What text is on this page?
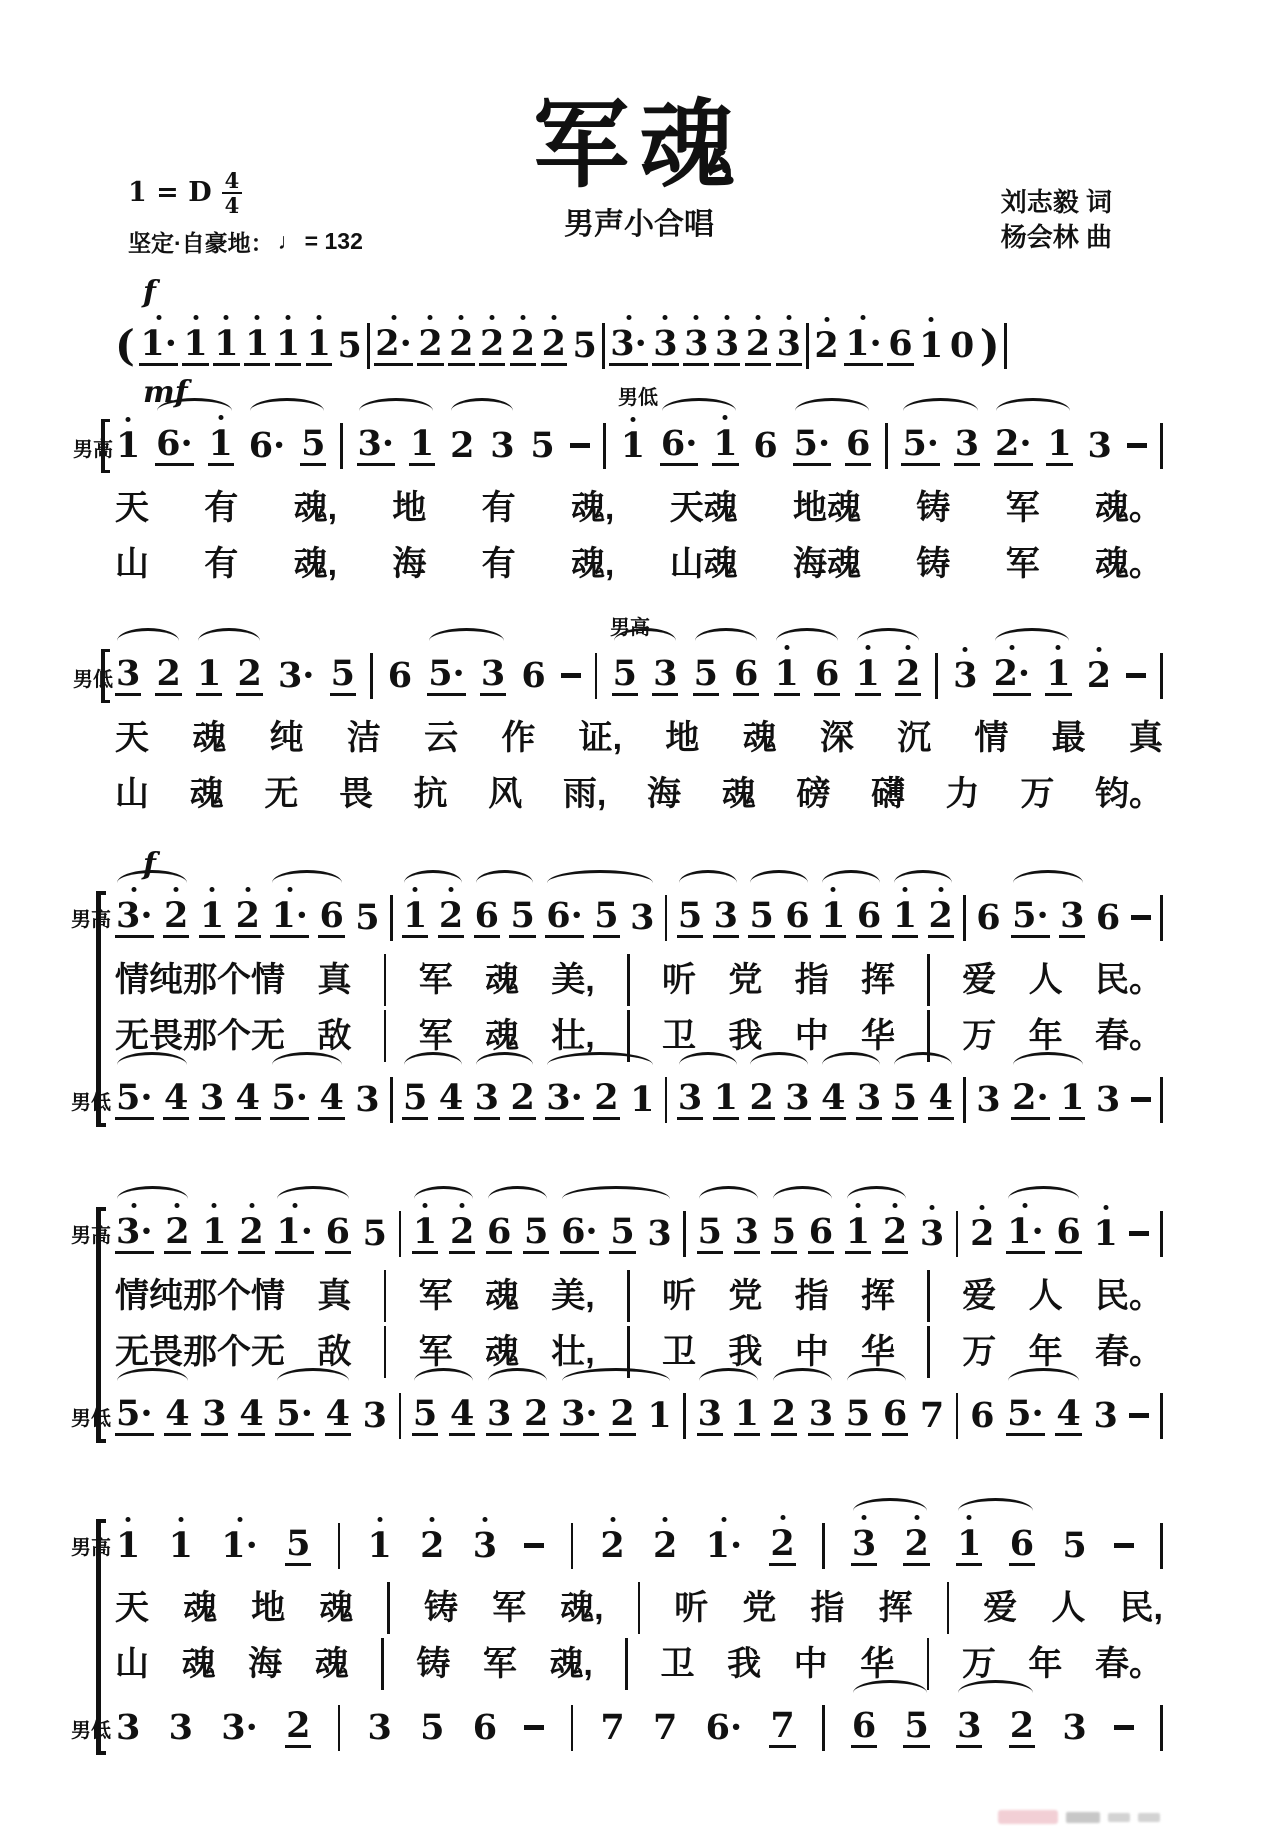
军魂
1 = D $\frac{4}{4}$
坚定·自豪地： ♩ = 132
男声小合唱
刘志毅 词
杨会林 曲
( 1· 1 1 1 1 1 5 2· 2 2 2 2 2 5 3· 3 3 3 2 3 2 1· 6 1 0 )
f
男高 1 6· 1 6· 5 3· 1 2 3 5 1 6· 1 6 5· 6 5· 3 2· 1 3
男低
mf
天 有 魂, 地 有 魂, 天魂 地魂 铸 军 魂。
山 有 魂, 海 有 魂, 山魂 海魂 铸 军 魂。
男低 3 2 1 2 3· 5 6 5· 3 6 5 3 5 6 1 6 1 2 3 2· 1 2
男高
天 魂 纯 洁 云 作 证, 地 魂 深 沉 情 最 真
山 魂 无 畏 抗 风 雨, 海 魂 磅 礴 力 万 钧。
男高
男低
3· 2 1 2 1· 6 5 1 2 6 5 6· 5 3 5 3 5 6 1 6 1 2 6 5· 3 6
f
情纯那个情 真 军 魂 美, 听 党 指 挥 爱 人 民。
无畏那个无 敌 军 魂 壮, 卫 我 中 华 万 年 春。
5· 4 3 4 5· 4 3 5 4 3 2 3· 2 1 3 1 2 3 4 3 5 4 3 2· 1 3
男高
男低
3· 2 1 2 1· 6 5 1 2 6 5 6· 5 3 5 3 5 6 1 2 3 2 1· 6 1
情纯那个情 真 军 魂 美, 听 党 指 挥 爱 人 民。
无畏那个无 敌 军 魂 壮, 卫 我 中 华 万 年 春。
5· 4 3 4 5· 4 3 5 4 3 2 3· 2 1 3 1 2 3 5 6 7 6 5· 4 3
男高
男低
1 1 1· 5 1 2 3	2 2 1· 2 3 2 1 6 5
天 魂 地 魂 铸 军 魂, 听 党 指 挥 爱 人 民,
山 魂 海 魂 铸 军 魂, 卫 我 中 华 万 年 春。
3 3 3· 2 3 5 6	7 7 6· 7 6 5 3 2 3
